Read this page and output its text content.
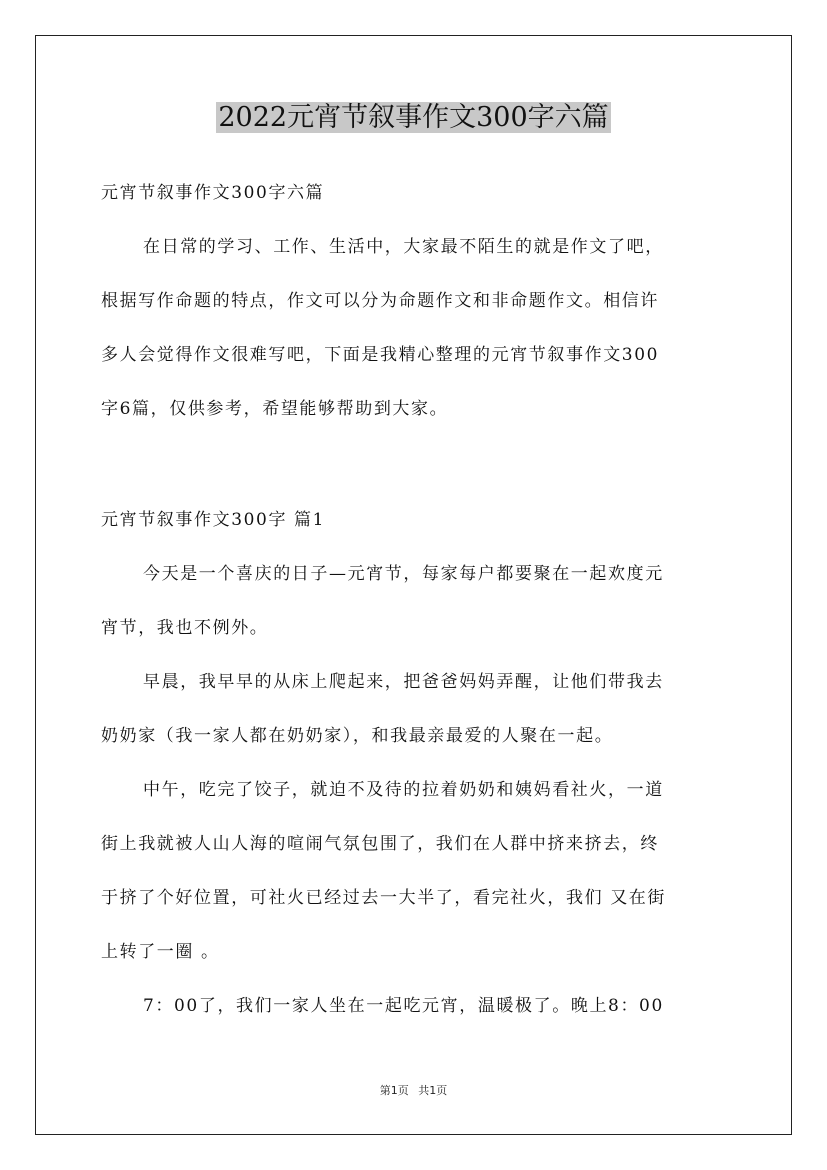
2022元宵节叙事作文300字六篇
元宵节叙事作文300字六篇
在日常的学习、工作、生活中，大家最不陌生的就是作文了吧，
根据写作命题的特点，作文可以分为命题作文和非命题作文。相信许
多人会觉得作文很难写吧，下面是我精心整理的元宵节叙事作文300
字6篇，仅供参考，希望能够帮助到大家。
元宵节叙事作文300字 篇1
今天是一个喜庆的日子—元宵节，每家每户都要聚在一起欢度元
宵节，我也不例外。
早晨，我早早的从床上爬起来，把爸爸妈妈弄醒，让他们带我去
奶奶家（我一家人都在奶奶家），和我最亲最爱的人聚在一起。
中午，吃完了饺子，就迫不及待的拉着奶奶和姨妈看社火，一道
街上我就被人山人海的喧闹气氛包围了，我们在人群中挤来挤去，终
于挤了个好位置，可社火已经过去一大半了，看完社火，我们 又在街
上转了一圈 。
7：00了，我们一家人坐在一起吃元宵，温暖极了。晚上8：00
第1页 共1页
